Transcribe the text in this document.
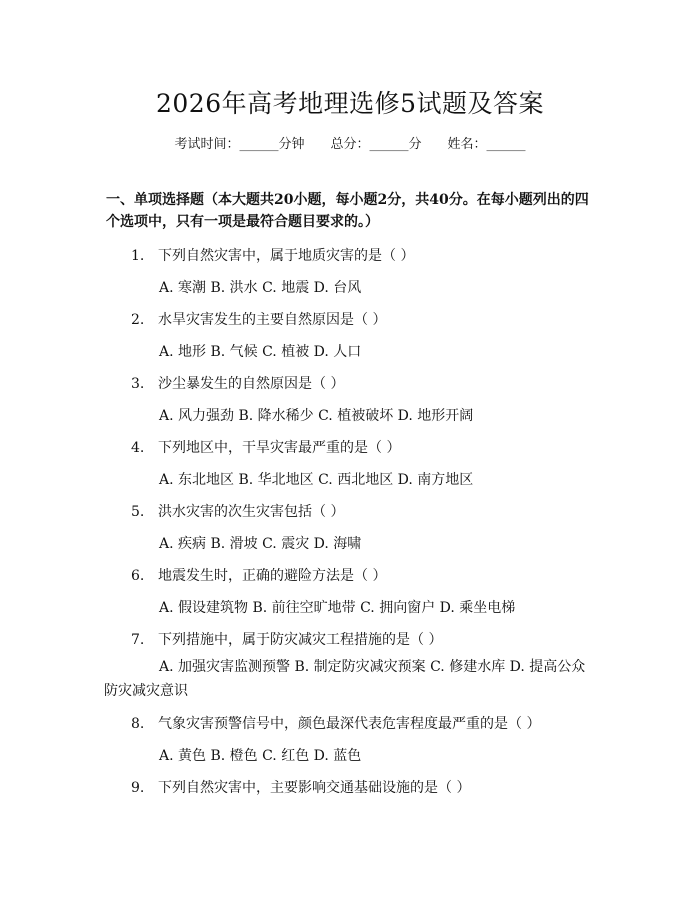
2026年高考地理选修5试题及答案
考试时间：______分钟 总分：______分 姓名：______
一、单项选择题（本大题共20小题，每小题2分，共40分。在每小题列出的四个选项中，只有一项是最符合题目要求的。）
1. 下列自然灾害中，属于地质灾害的是（ ）
A. 寒潮 B. 洪水 C. 地震 D. 台风
2. 水旱灾害发生的主要自然原因是（ ）
A. 地形 B. 气候 C. 植被 D. 人口
3. 沙尘暴发生的自然原因是（ ）
A. 风力强劲 B. 降水稀少 C. 植被破坏 D. 地形开阔
4. 下列地区中，干旱灾害最严重的是（ ）
A. 东北地区 B. 华北地区 C. 西北地区 D. 南方地区
5. 洪水灾害的次生灾害包括（ ）
A. 疾病 B. 滑坡 C. 震灾 D. 海啸
6. 地震发生时，正确的避险方法是（ ）
A. 假设建筑物 B. 前往空旷地带 C. 拥向窗户 D. 乘坐电梯
7. 下列措施中，属于防灾减灾工程措施的是（ ）
A. 加强灾害监测预警 B. 制定防灾减灾预案 C. 修建水库 D. 提高公众防灾减灾意识
8. 气象灾害预警信号中，颜色最深代表危害程度最严重的是（ ）
A. 黄色 B. 橙色 C. 红色 D. 蓝色
9. 下列自然灾害中，主要影响交通基础设施的是（ ）
